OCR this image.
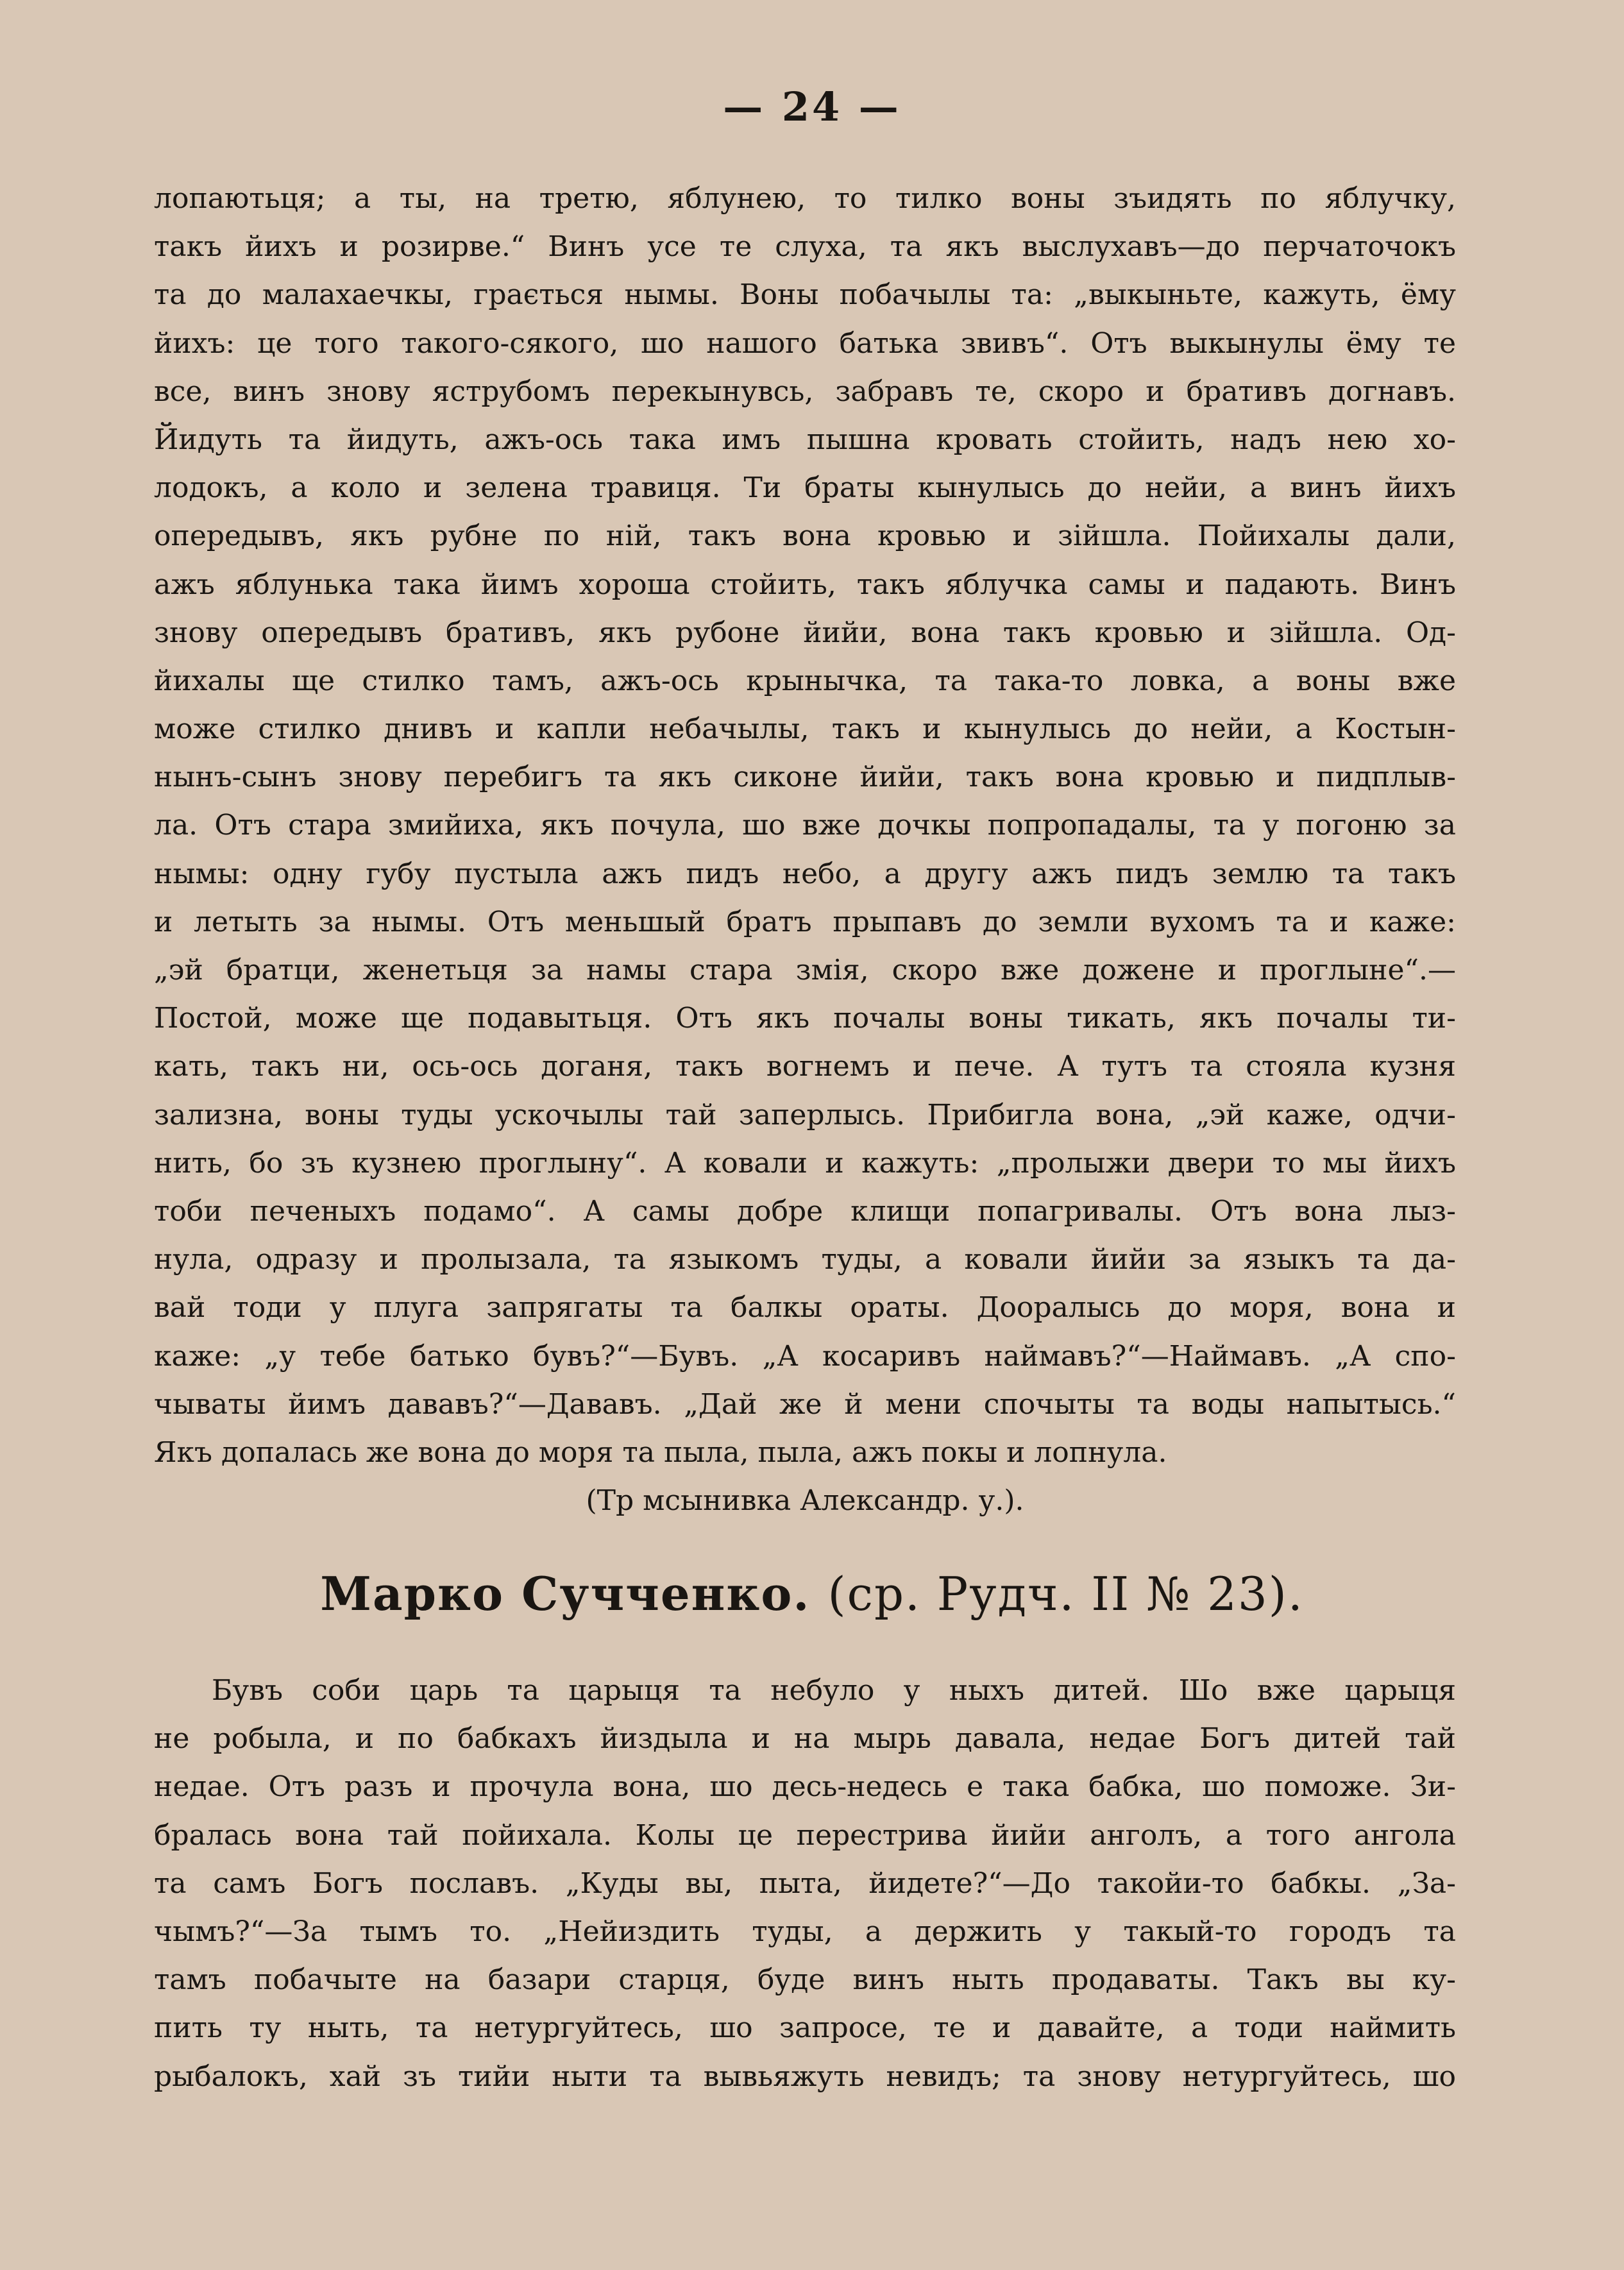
— 24 —
лопаютьця; а ты, на третю, яблунею, то тилко воны зъидять по яблучку,
такъ йихъ и розирве.“ Винъ усе те слуха, та якъ выслухавъ—до перчаточокъ
та до малахаечкы, грається нымы. Воны побачылы та: „выкыньте, кажуть, ёму
йихъ: це того такого-сякого, шо нашого батька звивъ“. Отъ выкынулы ёму те
все, винъ знову яструбомъ перекынувсь, забравъ те, скоро и бративъ догнавъ.
Йидуть та йидуть, ажъ-ось така имъ пышна кровать стойить, надъ нею хо-
лодокъ, а коло и зелена травиця. Ти браты кынулысь до нейи, а винъ йихъ
опередывъ, якъ рубне по ній, такъ вона кровью и зійшла. Пойихалы дали,
ажъ яблунька така йимъ хороша стойить, такъ яблучка самы и падають. Винъ
знову опередывъ бративъ, якъ рубоне йийи, вона такъ кровью и зійшла. Од-
йихалы ще стилко тамъ, ажъ-ось крынычка, та така-то ловка, а воны вже
може стилко днивъ и капли небачылы, такъ и кынулысь до нейи, а Костын-
нынъ-сынъ знову перебигъ та якъ сиконе йийи, такъ вона кровью и пидплыв-
ла. Отъ стара змийиха, якъ почула, шо вже дочкы попропадалы, та у погоню за
нымы: одну губу пустыла ажъ пидъ небо, а другу ажъ пидъ землю та такъ
и летыть за нымы. Отъ меньшый братъ прыпавъ до земли вухомъ та и каже:
„эй братци, женетьця за намы стара змія, скоро вже дожене и проглыне“.—
Постой, може ще подавытьця. Отъ якъ почалы воны тикать, якъ почалы ти-
кать, такъ ни, ось-ось доганя, такъ вогнемъ и пече. А тутъ та стояла кузня
зализна, воны туды ускочылы тай заперлысь. Прибигла вона, „эй каже, одчи-
нить, бо зъ кузнею проглыну“. А ковали и кажуть: „пролыжи двери то мы йихъ
тоби печеныхъ подамо“. А самы добре клищи попагривалы. Отъ вона лыз-
нула, одразу и пролызала, та языкомъ туды, а ковали йийи за языкъ та да-
вай тоди у плуга запрягаты та балкы ораты. Дооралысь до моря, вона и
каже: „у тебе батько бувъ?“—Бувъ. „А косаривъ наймавъ?“—Наймавъ. „А спо-
чываты йимъ дававъ?“—Дававъ. „Дай же й мени спочыты та воды напытысь.“
Якъ допалась же вона до моря та пыла, пыла, ажъ покы и лопнула.
(Тр мсынивка Александр. у.).
Марко Сучченко. (ср. Рудч. II № 23).
Бувъ соби царь та царыця та небуло у ныхъ дитей. Шо вже царыця
не робыла, и по бабкахъ йиздыла и на мырь давала, недае Богъ дитей тай
недае. Отъ разъ и прочула вона, шо десь-недесь е така бабка, шо поможе. Зи-
бралась вона тай пойихала. Колы це перестрива йийи анголъ, а того ангола
та самъ Богъ пославъ. „Куды вы, пыта, йидете?“—До такойи-то бабкы. „За-
чымъ?“—За тымъ то. „Нейиздить туды, а держить у такый-то городъ та
тамъ побачыте на базари старця, буде винъ ныть продаваты. Такъ вы ку-
пить ту ныть, та нетургуйтесь, шо запросе, те и давайте, а тоди наймить
рыбалокъ, хай зъ тийи ныти та вывьяжуть невидъ; та знову нетургуйтесь, шо
